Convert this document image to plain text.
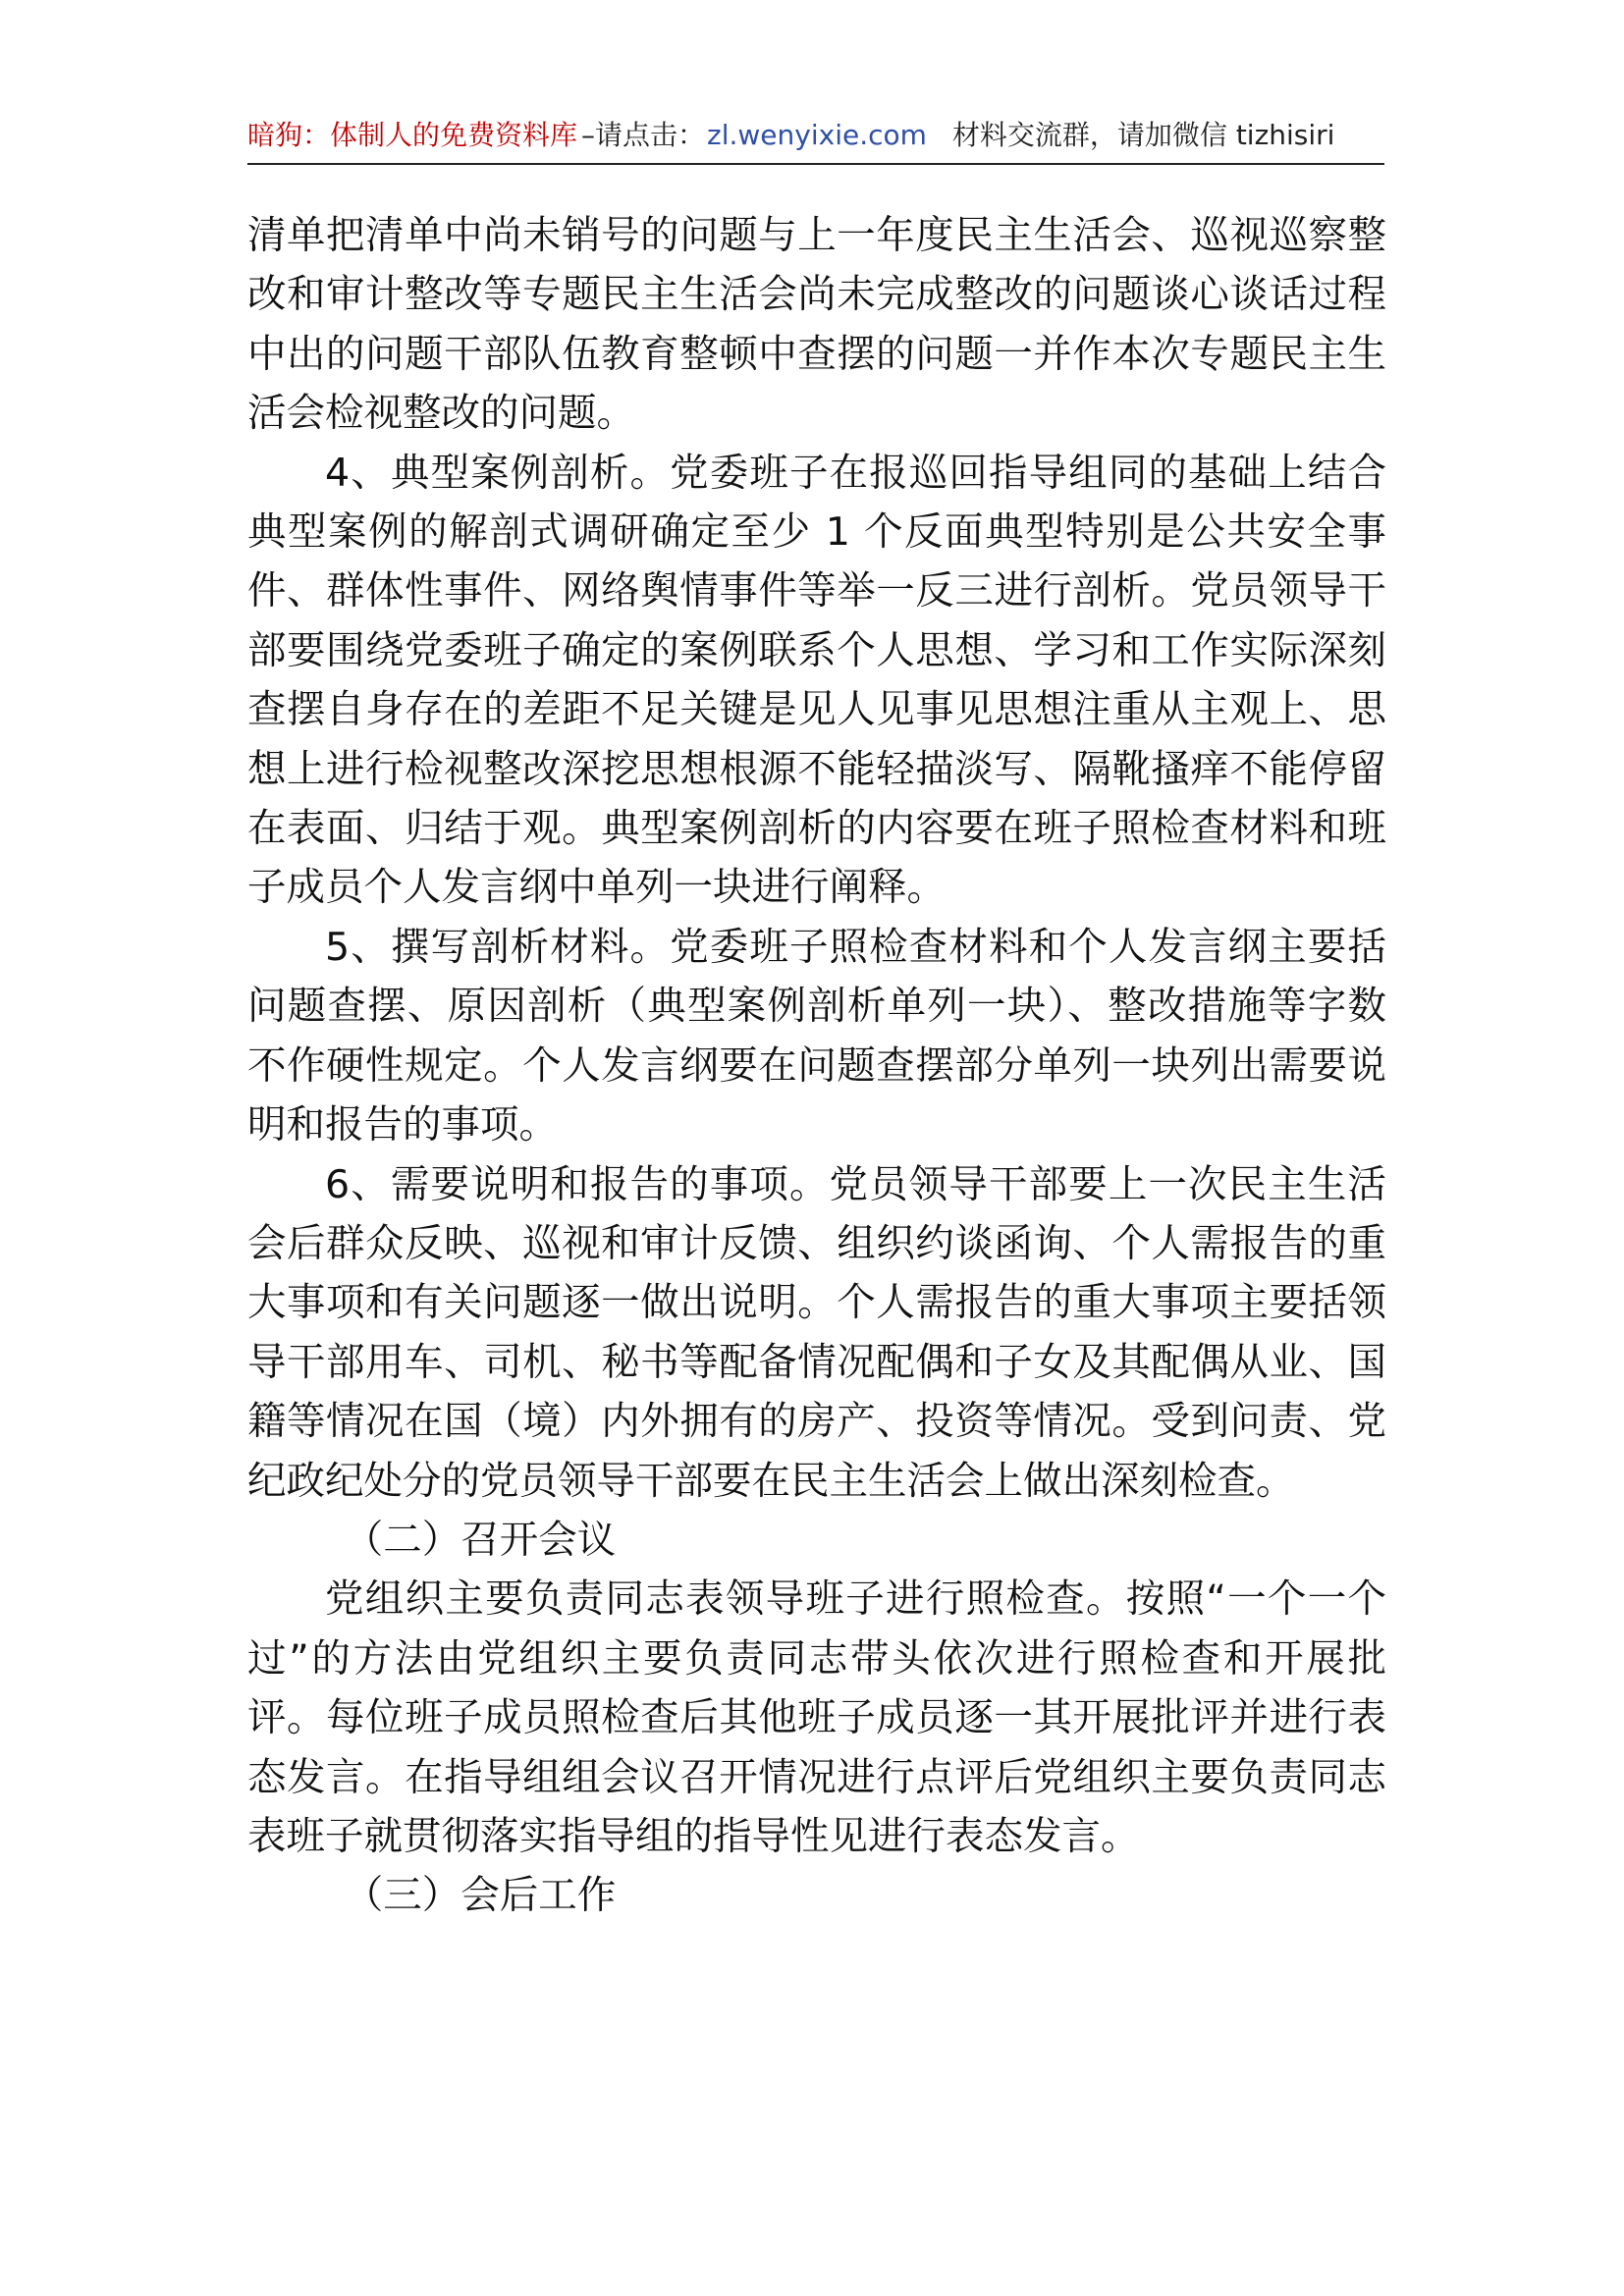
暗狗：体制人的免费资料库 –请点击：zl.wenyixie.com 材料交流群，请加微信 tizhisiri

清单把清单中尚未销号的问题与上一年度民主生活会、巡视巡察整改和审计整改等专题民主生活会尚未完成整改的问题谈心谈话过程中出的问题干部队伍教育整顿中查摆的问题一并作本次专题民主生活会检视整改的问题。

4、典型案例剖析。党委班子在报巡回指导组同的基础上结合典型案例的解剖式调研确定至少 1 个反面典型特别是公共安全事件、群体性事件、网络舆情事件等举一反三进行剖析。党员领导干部要围绕党委班子确定的案例联系个人思想、学习和工作实际深刻查摆自身存在的差距不足关键是见人见事见思想注重从主观上、思想上进行检视整改深挖思想根源不能轻描淡写、隔靴搔痒不能停留在表面、归结于观。典型案例剖析的内容要在班子照检查材料和班子成员个人发言纲中单列一块进行阐释。

5、撰写剖析材料。党委班子照检查材料和个人发言纲主要括问题查摆、原因剖析（典型案例剖析单列一块）、整改措施等字数不作硬性规定。个人发言纲要在问题查摆部分单列一块列出需要说明和报告的事项。

6、需要说明和报告的事项。党员领导干部要上一次民主生活会后群众反映、巡视和审计反馈、组织约谈函询、个人需报告的重大事项和有关问题逐一做出说明。个人需报告的重大事项主要括领导干部用车、司机、秘书等配备情况配偶和子女及其配偶从业、国籍等情况在国（境）内外拥有的房产、投资等情况。受到问责、党纪政纪处分的党员领导干部要在民主生活会上做出深刻检查。

（二）召开会议

党组织主要负责同志表领导班子进行照检查。按照“一个一个过”的方法由党组织主要负责同志带头依次进行照检查和开展批评。每位班子成员照检查后其他班子成员逐一其开展批评并进行表态发言。在指导组组会议召开情况进行点评后党组织主要负责同志表班子就贯彻落实指导组的指导性见进行表态发言。

（三）会后工作
